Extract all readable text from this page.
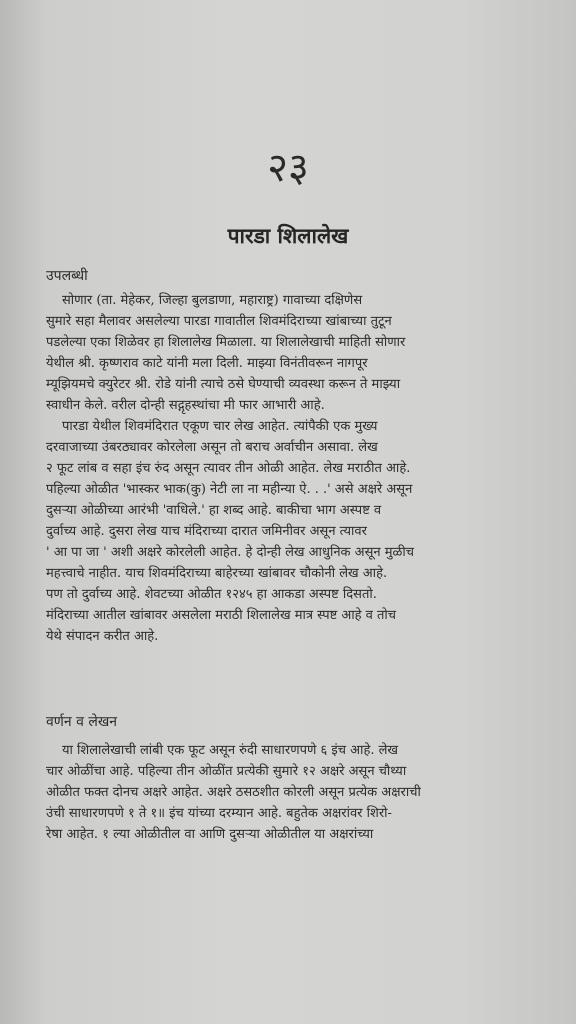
२३
पारडा शिलालेख
उपलब्धी
सोणार (ता. मेहेकर, जिल्हा बुलडाणा, महाराष्ट्र) गावाच्या दक्षिणेस
सुमारे सहा मैलावर असलेल्या पारडा गावातील शिवमंदिराच्या खांबाच्या तुटून
पडलेल्या एका शिळेवर हा शिलालेख मिळाला. या शिलालेखाची माहिती सोणार
येथील श्री. कृष्णराव काटे यांनी मला दिली. माझ्या विनंतीवरून नागपूर
म्यूझियमचे क्युरेटर श्री. रोडे यांनी त्याचे ठसे घेण्याची व्यवस्था करून ते माझ्या
स्वाधीन केले. वरील दोन्ही सद्गृहस्थांचा मी फार आभारी आहे.
पारडा येथील शिवमंदिरात एकूण चार लेख आहेत. त्यांपैकी एक मुख्य
दरवाजाच्या उंबरठ्यावर कोरलेला असून तो बराच अर्वाचीन असावा. लेख
२ फूट लांब व सहा इंच रुंद असून त्यावर तीन ओळी आहेत. लेख मराठीत आहे.
पहिल्या ओळीत 'भास्कर भाक(कु) नेटी ला ना महीन्या ऐ. . .' असे अक्षरे असून
दुसऱ्या ओळीच्या आरंभी 'वाधिले.' हा शब्द आहे. बाकीचा भाग अस्पष्ट व
दुर्वाच्य आहे. दुसरा लेख याच मंदिराच्या दारात जमिनीवर असून त्यावर
' आ पा जा ' अशी अक्षरे कोरलेली आहेत. हे दोन्ही लेख आधुनिक असून मुळीच
महत्त्वाचे नाहीत. याच शिवमंदिराच्या बाहेरच्या खांबावर चौकोनी लेख आहे.
पण तो दुर्वाच्य आहे. शेवटच्या ओळीत १२४५ हा आकडा अस्पष्ट दिसतो.
मंदिराच्या आतील खांबावर असलेला मराठी शिलालेख मात्र स्पष्ट आहे व तोच
येथे संपादन करीत आहे.
वर्णन व लेखन
या शिलालेखाची लांबी एक फूट असून रुंदी साधारणपणे ६ इंच आहे. लेख
चार ओळींचा आहे. पहिल्या तीन ओळींत प्रत्येकी सुमारे १२ अक्षरे असून चौथ्या
ओळीत फक्त दोनच अक्षरे आहेत. अक्षरे ठसठशीत कोरली असून प्रत्येक अक्षराची
उंची साधारणपणे १ ते १॥ इंच यांच्या दरम्यान आहे. बहुतेक अक्षरांवर शिरो-
रेषा आहेत. १ ल्या ओळीतील वा आणि दुसऱ्या ओळीतील या अक्षरांच्या
